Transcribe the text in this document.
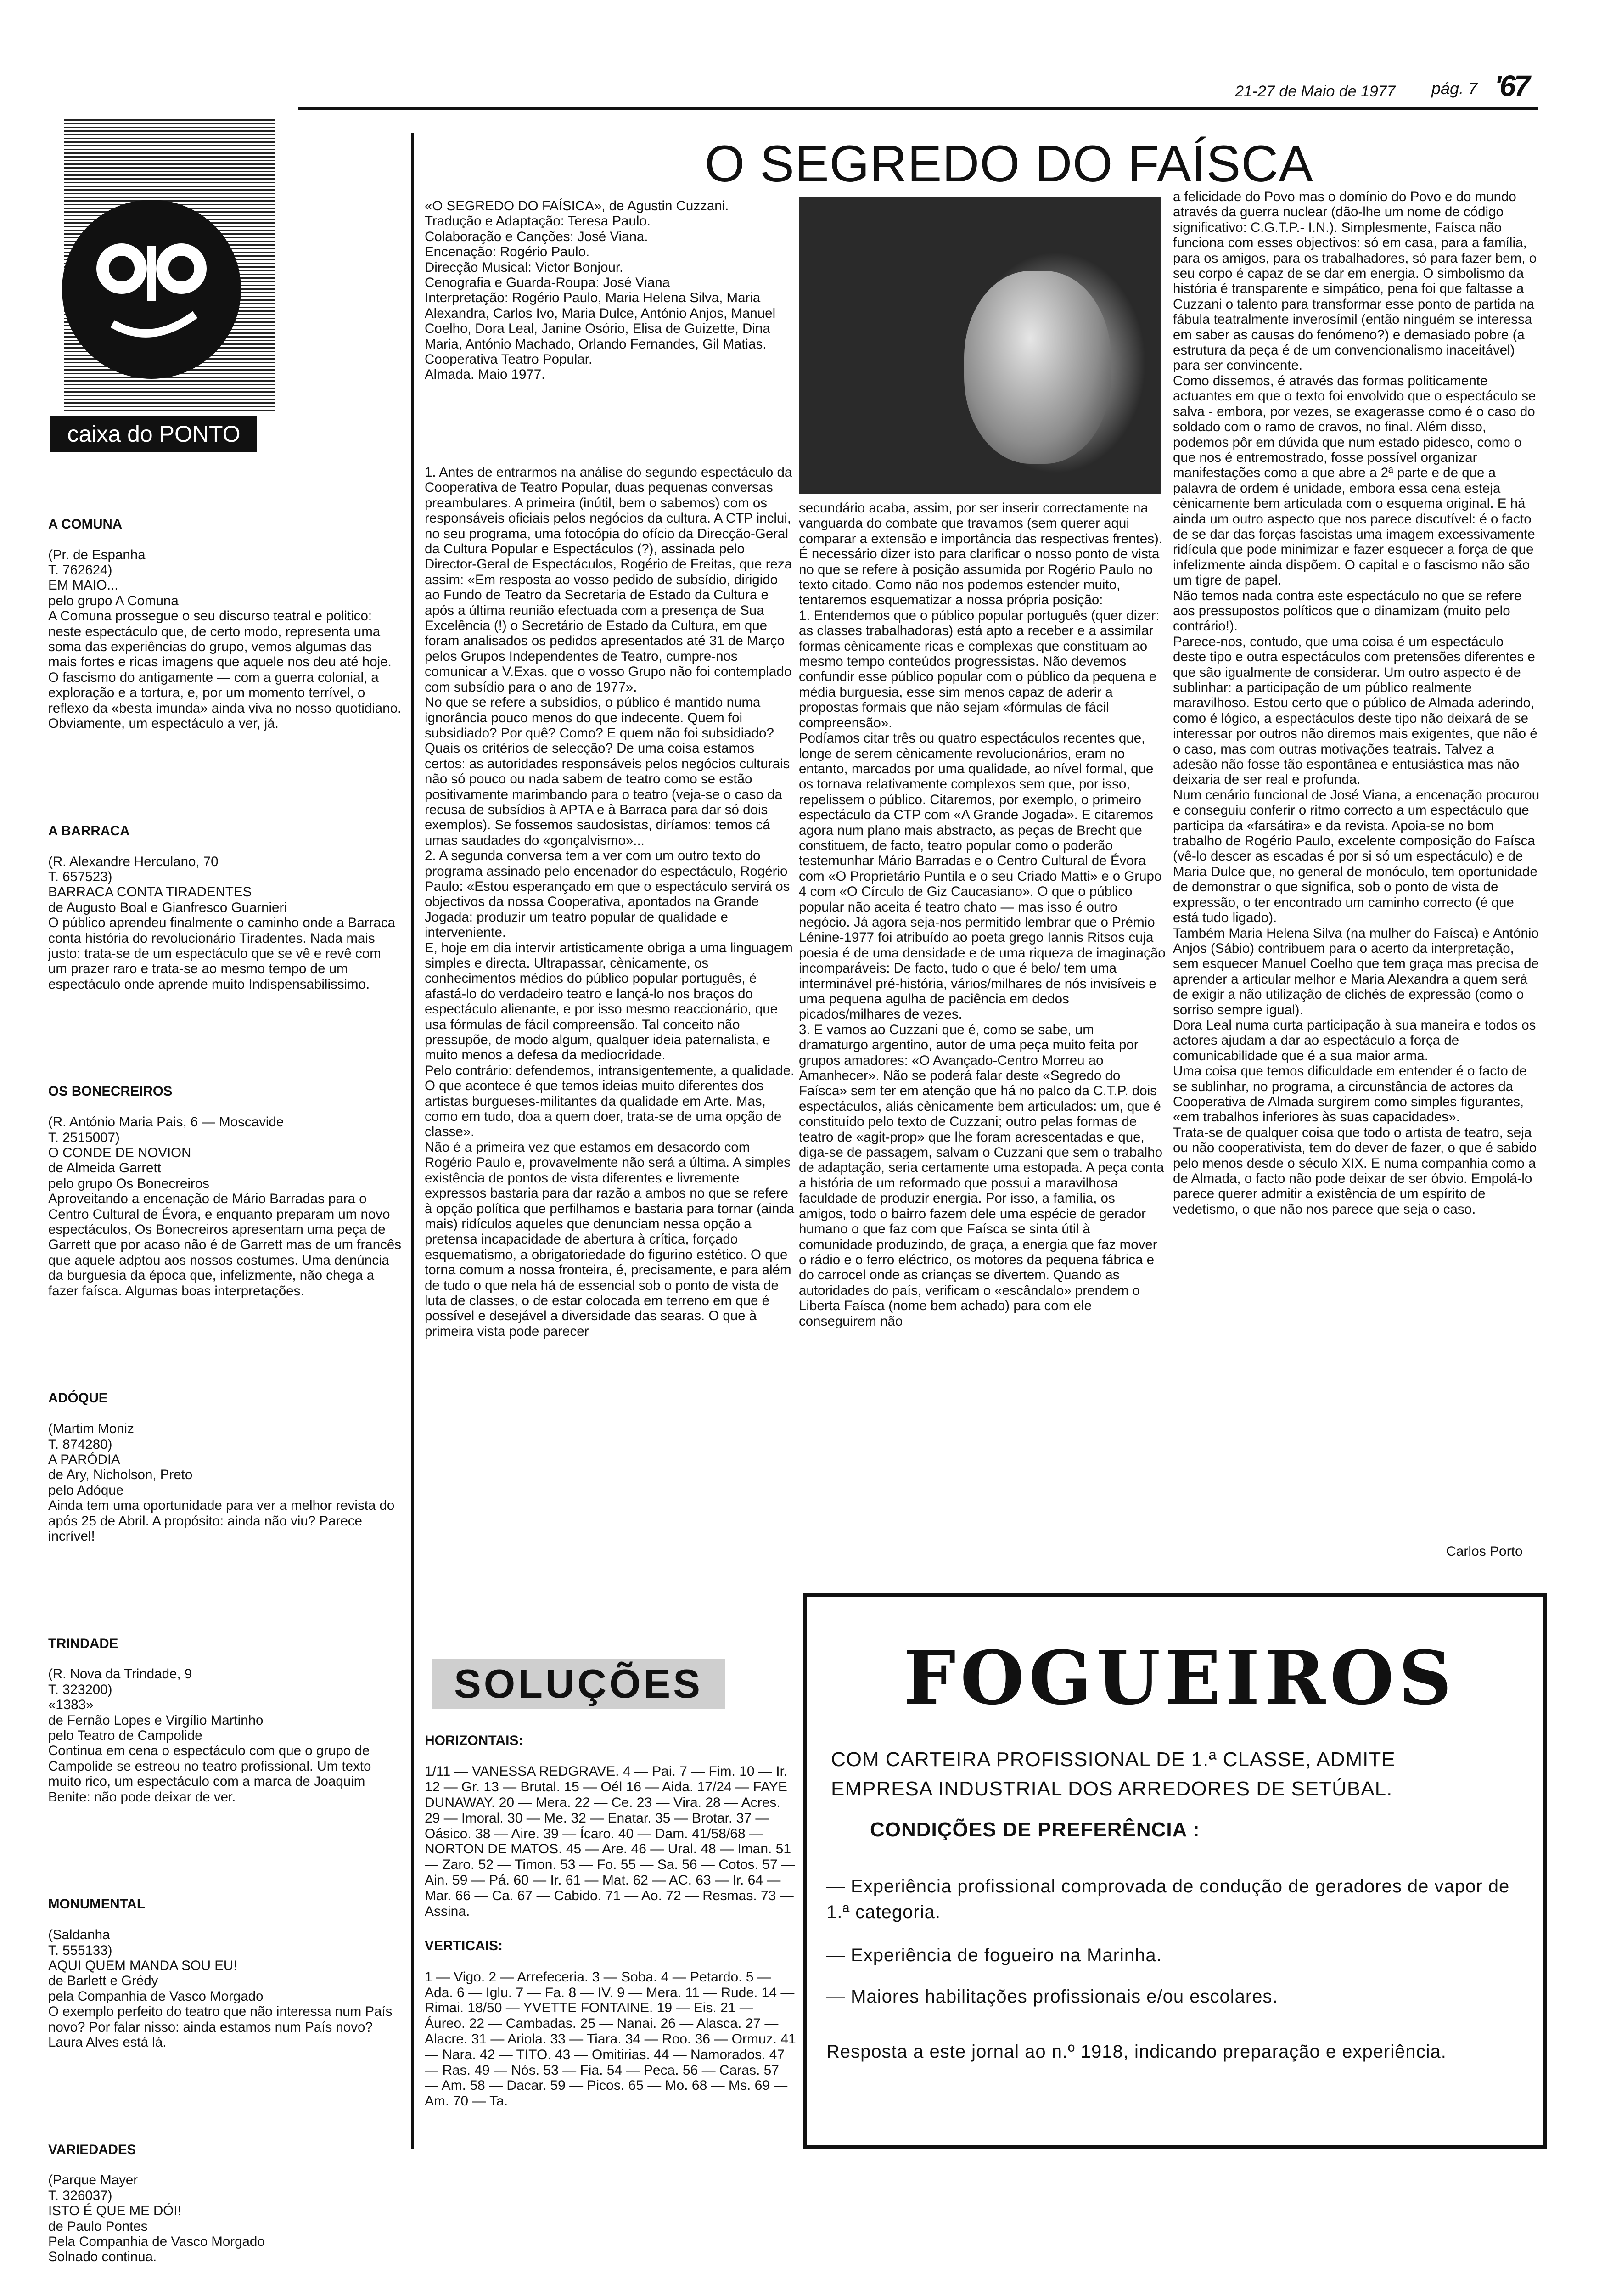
21-27 de Maio de 1977 pág. 7 '67
caixa do PONTO

A COMUNA

(Pr. de Espanha
T. 762624)
EM MAIO...
pelo grupo A Comuna
A Comuna prossegue o seu discurso teatral e politico: neste espectáculo que, de certo modo, representa uma soma das experiências do grupo, vemos algumas das mais fortes e ricas imagens que aquele nos deu até hoje. O fascismo do antigamente — com a guerra colonial, a exploração e a tortura, e, por um momento terrível, o reflexo da «besta imunda» ainda viva no nosso quotidiano. Obviamente, um espectáculo a ver, já.

A BARRACA

(R. Alexandre Herculano, 70
T. 657523)
BARRACA CONTA TIRADENTES
de Augusto Boal e Gianfresco Guarnieri
O público aprendeu finalmente o caminho onde a Barraca conta história do revolucionário Tiradentes. Nada mais justo: trata-se de um espectáculo que se vê e revê com um prazer raro e trata-se ao mesmo tempo de um espectáculo onde aprende muito Indispensabilissimo.

OS BONECREIROS

(R. António Maria Pais, 6 — Moscavide
T. 2515007)
O CONDE DE NOVION
de Almeida Garrett
pelo grupo Os Bonecreiros
Aproveitando a encenação de Mário Barradas para o Centro Cultural de Évora, e enquanto preparam um novo espectáculos, Os Bonecreiros apresentam uma peça de Garrett que por acaso não é de Garrett mas de um francês que aquele adptou aos nossos costumes. Uma denúncia da burguesia da época que, infelizmente, não chega a fazer faísca. Algumas boas interpretações.

ADÓQUE

(Martim Moniz
T. 874280)
A PARÓDIA
de Ary, Nicholson, Preto
pelo Adóque
Ainda tem uma oportunidade para ver a melhor revista do após 25 de Abril. A propósito: ainda não viu? Parece incrível!

TRINDADE

(R. Nova da Trindade, 9
T. 323200)
«1383»
de Fernão Lopes e Virgílio Martinho
pelo Teatro de Campolide
Continua em cena o espectáculo com que o grupo de Campolide se estreou no teatro profissional. Um texto muito rico, um espectáculo com a marca de Joaquim Benite: não pode deixar de ver.

MONUMENTAL

(Saldanha
T. 555133)
AQUI QUEM MANDA SOU EU!
de Barlett e Grédy
pela Companhia de Vasco Morgado
O exemplo perfeito do teatro que não interessa num País novo? Por falar nisso: ainda estamos num País novo? Laura Alves está lá.

VARIEDADES

(Parque Mayer
T. 326037)
ISTO É QUE ME DÓI!
de Paulo Pontes
Pela Companhia de Vasco Morgado
Solnado continua.

O SEGREDO DO FAÍSCA
«O SEGREDO DO FAÍSICA», de Agustin Cuzzani.
Tradução e Adaptação: Teresa Paulo.
Colaboração e Canções: José Viana.
Encenação: Rogério Paulo.
Direcção Musical: Victor Bonjour.
Cenografia e Guarda-Roupa: José Viana
Interpretação: Rogério Paulo, Maria Helena Silva, Maria Alexandra, Carlos Ivo, Maria Dulce, António Anjos, Manuel Coelho, Dora Leal, Janine Osório, Elisa de Guizette, Dina Maria, António Machado, Orlando Fernandes, Gil Matias.
Cooperativa Teatro Popular.
Almada. Maio 1977.
1. Antes de entrarmos na análise do segundo espectáculo da Cooperativa de Teatro Popular, duas pequenas conversas preambulares. A primeira (inútil, bem o sabemos) com os responsáveis oficiais pelos negócios da cultura. A CTP inclui, no seu programa, uma fotocópia do ofício da Direcção-Geral da Cultura Popular e Espectáculos (?), assinada pelo Director-Geral de Espectáculos, Rogério de Freitas, que reza assim: «Em resposta ao vosso pedido de subsídio, dirigido ao Fundo de Teatro da Secretaria de Estado da Cultura e após a última reunião efectuada com a presença de Sua Excelência (!) o Secretário de Estado da Cultura, em que foram analisados os pedidos apresentados até 31 de Março pelos Grupos Independentes de Teatro, cumpre-nos comunicar a V.Exas. que o vosso Grupo não foi contemplado com subsídio para o ano de 1977».
No que se refere a subsídios, o público é mantido numa ignorância pouco menos do que indecente. Quem foi subsidiado? Por quê? Como? E quem não foi subsidiado? Quais os critérios de selecção? De uma coisa estamos certos: as autoridades responsáveis pelos negócios culturais não só pouco ou nada sabem de teatro como se estão positivamente marimbando para o teatro (veja-se o caso da recusa de subsídios à APTA e à Barraca para dar só dois exemplos). Se fossemos saudosistas, diríamos: temos cá umas saudades do «gonçalvismo»...
2. A segunda conversa tem a ver com um outro texto do programa assinado pelo encenador do espectáculo, Rogério Paulo: «Estou esperançado em que o espectáculo servirá os objectivos da nossa Cooperativa, apontados na Grande Jogada: produzir um teatro popular de qualidade e interveniente.
E, hoje em dia intervir artisticamente obriga a uma linguagem simples e directa. Ultrapassar, cènicamente, os conhecimentos médios do público popular português, é afastá-lo do verdadeiro teatro e lançá-lo nos braços do espectáculo alienante, e por isso mesmo reaccionário, que usa fórmulas de fácil compreensão. Tal conceito não pressupõe, de modo algum, qualquer ideia paternalista, e muito menos a defesa da mediocridade.
Pelo contrário: defendemos, intransigentemente, a qualidade. O que acontece é que temos ideias muito diferentes dos artistas burgueses-militantes da qualidade em Arte. Mas, como em tudo, doa a quem doer, trata-se de uma opção de classe».
Não é a primeira vez que estamos em desacordo com Rogério Paulo e, provavelmente não será a última. A simples existência de pontos de vista diferentes e livremente expressos bastaria para dar razão a ambos no que se refere à opção política que perfilhamos e bastaria para tornar (ainda mais) ridículos aqueles que denunciam nessa opção a pretensa incapacidade de abertura à crítica, forçado esquematismo, a obrigatoriedade do figurino estético. O que torna comum a nossa fronteira, é, precisamente, e para além de tudo o que nela há de essencial sob o ponto de vista de luta de classes, o de estar colocada em terreno em que é possível e desejável a diversidade das searas. O que à primeira vista pode parecer
secundário acaba, assim, por ser inserir correctamente na vanguarda do combate que travamos (sem querer aqui comparar a extensão e importância das respectivas frentes).
É necessário dizer isto para clarificar o nosso ponto de vista no que se refere à posição assumida por Rogério Paulo no texto citado. Como não nos podemos estender muito, tentaremos esquematizar a nossa própria posição:
1. Entendemos que o público popular português (quer dizer: as classes trabalhadoras) está apto a receber e a assimilar formas cènicamente ricas e complexas que constituam ao mesmo tempo conteúdos progressistas. Não devemos confundir esse público popular com o público da pequena e média burguesia, esse sim menos capaz de aderir a propostas formais que não sejam «fórmulas de fácil compreensão».
Podíamos citar três ou quatro espectáculos recentes que, longe de serem cènicamente revolucionários, eram no entanto, marcados por uma qualidade, ao nível formal, que os tornava relativamente complexos sem que, por isso, repelissem o público. Citaremos, por exemplo, o primeiro espectáculo da CTP com «A Grande Jogada». E citaremos agora num plano mais abstracto, as peças de Brecht que constituem, de facto, teatro popular como o poderão testemunhar Mário Barradas e o Centro Cultural de Évora com «O Proprietário Puntila e o seu Criado Matti» e o Grupo 4 com «O Círculo de Giz Caucasiano». O que o público popular não aceita é teatro chato — mas isso é outro negócio. Já agora seja-nos permitido lembrar que o Prémio Lénine-1977 foi atribuído ao poeta grego Iannis Ritsos cuja poesia é de uma densidade e de uma riqueza de imaginação incomparáveis: De facto, tudo o que é belo/ tem uma interminável pré-história, vários/milhares de nós invisíveis e uma pequena agulha de paciência em dedos picados/milhares de vezes.
3. E vamos ao Cuzzani que é, como se sabe, um dramaturgo argentino, autor de uma peça muito feita por grupos amadores: «O Avançado-Centro Morreu ao Amanhecer». Não se poderá falar deste «Segredo do Faísca» sem ter em atenção que há no palco da C.T.P. dois espectáculos, aliás cènicamente bem articulados: um, que é constituído pelo texto de Cuzzani; outro pelas formas de teatro de «agit-prop» que lhe foram acrescentadas e que, diga-se de passagem, salvam o Cuzzani que sem o trabalho de adaptação, seria certamente uma estopada. A peça conta a história de um reformado que possui a maravilhosa faculdade de produzir energia. Por isso, a família, os amigos, todo o bairro fazem dele uma espécie de gerador humano o que faz com que Faísca se sinta útil à comunidade produzindo, de graça, a energia que faz mover o rádio e o ferro eléctrico, os motores da pequena fábrica e do carrocel onde as crianças se divertem. Quando as autoridades do país, verificam o «escândalo» prendem o Liberta Faísca (nome bem achado) para com ele conseguirem não
a felicidade do Povo mas o domínio do Povo e do mundo através da guerra nuclear (dão-lhe um nome de código significativo: C.G.T.P.- I.N.). Simplesmente, Faísca não funciona com esses objectivos: só em casa, para a família, para os amigos, para os trabalhadores, só para fazer bem, o seu corpo é capaz de se dar em energia. O simbolismo da história é transparente e simpático, pena foi que faltasse a Cuzzani o talento para transformar esse ponto de partida na fábula teatralmente inverosímil (então ninguém se interessa em saber as causas do fenómeno?) e demasiado pobre (a estrutura da peça é de um convencionalismo inaceitável) para ser convincente.
Como dissemos, é através das formas politicamente actuantes em que o texto foi envolvido que o espectáculo se salva - embora, por vezes, se exagerasse como é o caso do soldado com o ramo de cravos, no final. Além disso, podemos pôr em dúvida que num estado pidesco, como o que nos é entremostrado, fosse possível organizar manifestações como a que abre a 2ª parte e de que a palavra de ordem é unidade, embora essa cena esteja cènicamente bem articulada com o esquema original. E há ainda um outro aspecto que nos parece discutível: é o facto de se dar das forças fascistas uma imagem excessivamente ridícula que pode minimizar e fazer esquecer a força de que infelizmente ainda dispõem. O capital e o fascismo não são um tigre de papel.
Não temos nada contra este espectáculo no que se refere aos pressupostos políticos que o dinamizam (muito pelo contrário!).
Parece-nos, contudo, que uma coisa é um espectáculo deste tipo e outra espectáculos com pretensões diferentes e que são igualmente de considerar. Um outro aspecto é de sublinhar: a participação de um público realmente maravilhoso. Estou certo que o público de Almada aderindo, como é lógico, a espectáculos deste tipo não deixará de se interessar por outros não diremos mais exigentes, que não é o caso, mas com outras motivações teatrais. Talvez a adesão não fosse tão espontânea e entusiástica mas não deixaria de ser real e profunda.
Num cenário funcional de José Viana, a encenação procurou e conseguiu conferir o ritmo correcto a um espectáculo que participa da «farsátira» e da revista. Apoia-se no bom trabalho de Rogério Paulo, excelente composição do Faísca (vê-lo descer as escadas é por si só um espectáculo) e de Maria Dulce que, no general de monóculo, tem oportunidade de demonstrar o que significa, sob o ponto de vista de expressão, o ter encontrado um caminho correcto (é que está tudo ligado).
Também Maria Helena Silva (na mulher do Faísca) e António Anjos (Sábio) contribuem para o acerto da interpretação, sem esquecer Manuel Coelho que tem graça mas precisa de aprender a articular melhor e Maria Alexandra a quem será de exigir a não utilização de clichés de expressão (como o sorriso sempre igual).
Dora Leal numa curta participação à sua maneira e todos os actores ajudam a dar ao espectáculo a força de comunicabilidade que é a sua maior arma.
Uma coisa que temos dificuldade em entender é o facto de se sublinhar, no programa, a circunstância de actores da Cooperativa de Almada surgirem como simples figurantes, «em trabalhos inferiores às suas capacidades».
Trata-se de qualquer coisa que todo o artista de teatro, seja ou não cooperativista, tem do dever de fazer, o que é sabido pelo menos desde o século XIX. E numa companhia como a de Almada, o facto não pode deixar de ser óbvio. Empolá-lo parece querer admitir a existência de um espírito de vedetismo, o que não nos parece que seja o caso.
Carlos Porto
SOLUÇÕES

HORIZONTAIS:

1/11 — VANESSA REDGRAVE. 4 — Pai. 7 — Fim. 10 — Ir. 12 — Gr. 13 — Brutal. 15 — Oél 16 — Aida. 17/24 — FAYE DUNAWAY. 20 — Mera. 22 — Ce. 23 — Vira. 28 — Acres. 29 — Imoral. 30 — Me. 32 — Enatar. 35 — Brotar. 37 — Oásico. 38 — Aire. 39 — Ícaro. 40 — Dam. 41/58/68 — NORTON DE MATOS. 45 — Are. 46 — Ural. 48 — Iman. 51 — Zaro. 52 — Timon. 53 — Fo. 55 — Sa. 56 — Cotos. 57 — Ain. 59 — Pá. 60 — Ir. 61 — Mat. 62 — AC. 63 — Ir. 64 — Mar. 66 — Ca. 67 — Cabido. 71 — Ao. 72 — Resmas. 73 — Assina.

VERTICAIS:

1 — Vigo. 2 — Arrefeceria. 3 — Soba. 4 — Petardo. 5 — Ada. 6 — Iglu. 7 — Fa. 8 — IV. 9 — Mera. 11 — Rude. 14 — Rimai. 18/50 — YVETTE FONTAINE. 19 — Eis. 21 — Áureo. 22 — Cambadas. 25 — Nanai. 26 — Alasca. 27 — Alacre. 31 — Ariola. 33 — Tiara. 34 — Roo. 36 — Ormuz. 41 — Nara. 42 — TITO. 43 — Omitirias. 44 — Namorados. 47 — Ras. 49 — Nós. 53 — Fia. 54 — Peca. 56 — Caras. 57 — Am. 58 — Dacar. 59 — Picos. 65 — Mo. 68 — Ms. 69 — Am. 70 — Ta.

FOGUEIROS
COM CARTEIRA PROFISSIONAL DE 1.ª CLASSE, ADMITE
EMPRESA INDUSTRIAL DOS ARREDORES DE SETÚBAL.
CONDIÇÕES DE PREFERÊNCIA :
— Experiência profissional comprovada de condução de geradores de vapor de 1.ª categoria.
— Experiência de fogueiro na Marinha.
— Maiores habilitações profissionais e/ou escolares.
Resposta a este jornal ao n.º 1918, indicando preparação e experiência.
